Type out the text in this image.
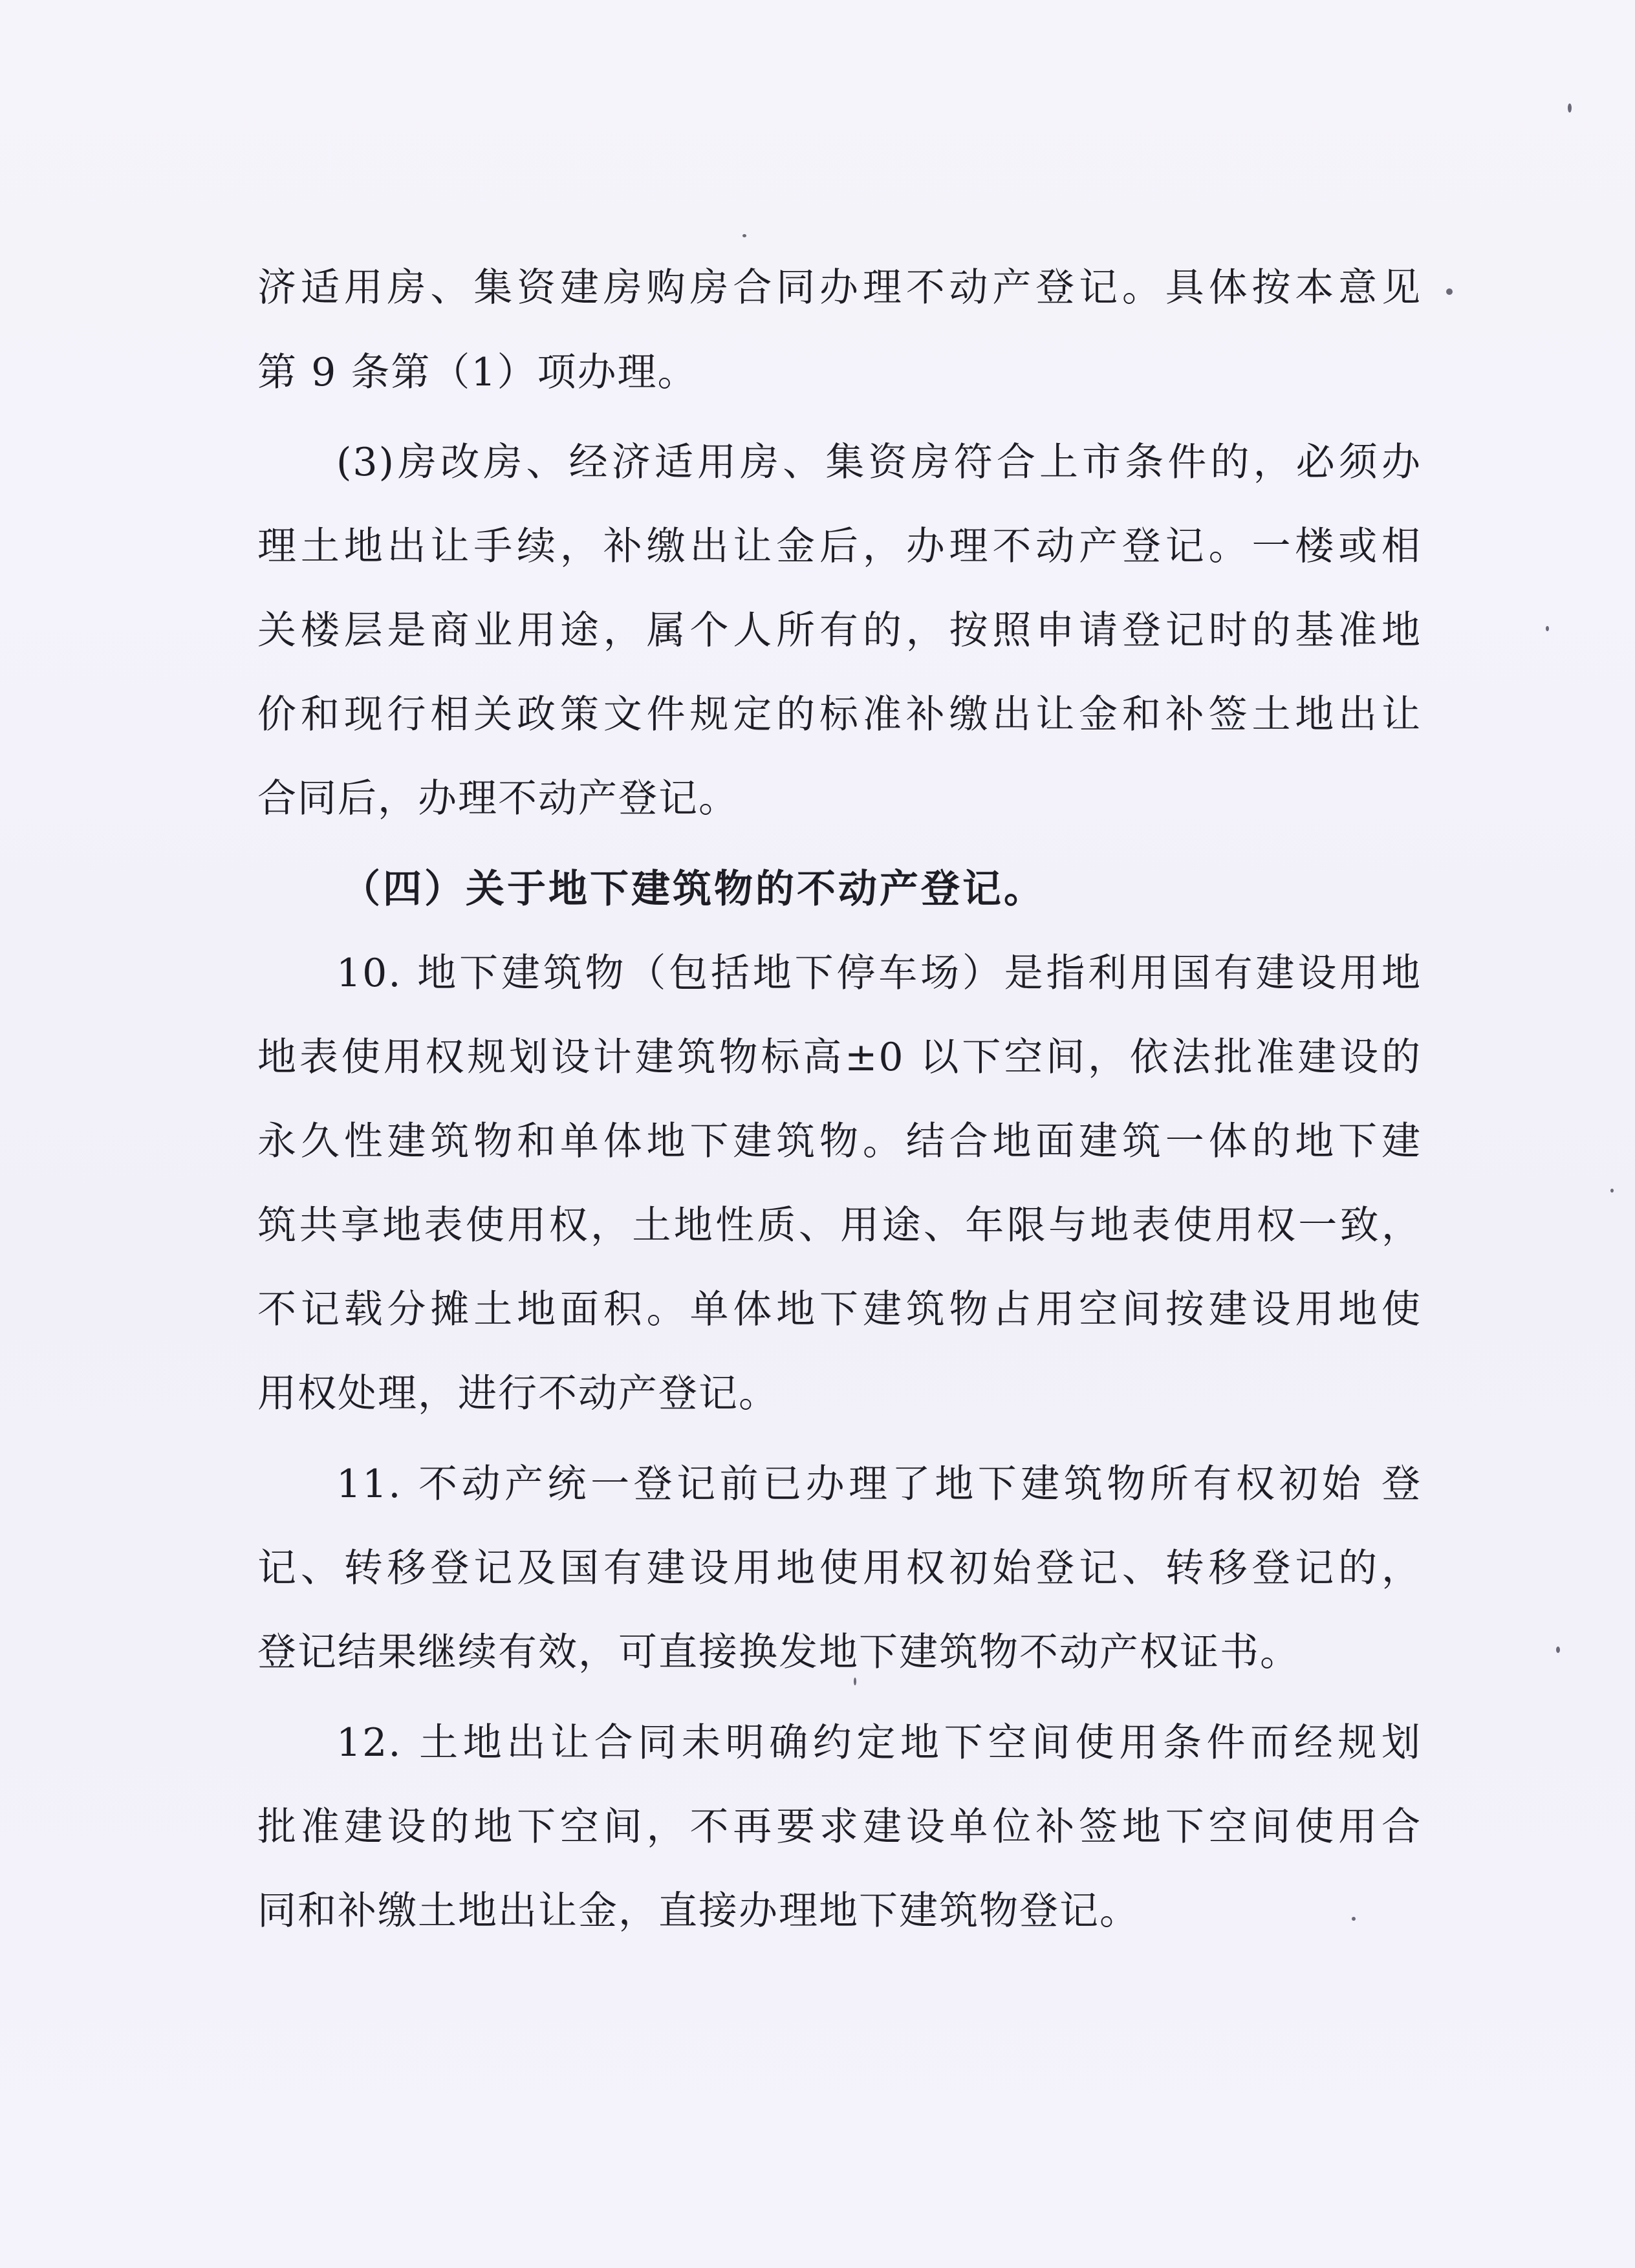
济适用房、集资建房购房合同办理不动产登记。具体按本意见
第 9 条第（1）项办理。
(3)房改房、经济适用房、集资房符合上市条件的，必须办
理土地出让手续，补缴出让金后，办理不动产登记。一楼或相
关楼层是商业用途，属个人所有的，按照申请登记时的基准地
价和现行相关政策文件规定的标准补缴出让金和补签土地出让
合同后，办理不动产登记。
（四）关于地下建筑物的不动产登记。
10. 地下建筑物（包括地下停车场）是指利用国有建设用地
地表使用权规划设计建筑物标高±0 以下空间，依法批准建设的
永久性建筑物和单体地下建筑物。结合地面建筑一体的地下建
筑共享地表使用权，土地性质、用途、年限与地表使用权一致，
不记载分摊土地面积。单体地下建筑物占用空间按建设用地使
用权处理，进行不动产登记。
11. 不动产统一登记前已办理了地下建筑物所有权初始 登
记、转移登记及国有建设用地使用权初始登记、转移登记的，
登记结果继续有效，可直接换发地下建筑物不动产权证书。
12. 土地出让合同未明确约定地下空间使用条件而经规划
批准建设的地下空间，不再要求建设单位补签地下空间使用合
同和补缴土地出让金，直接办理地下建筑物登记。
